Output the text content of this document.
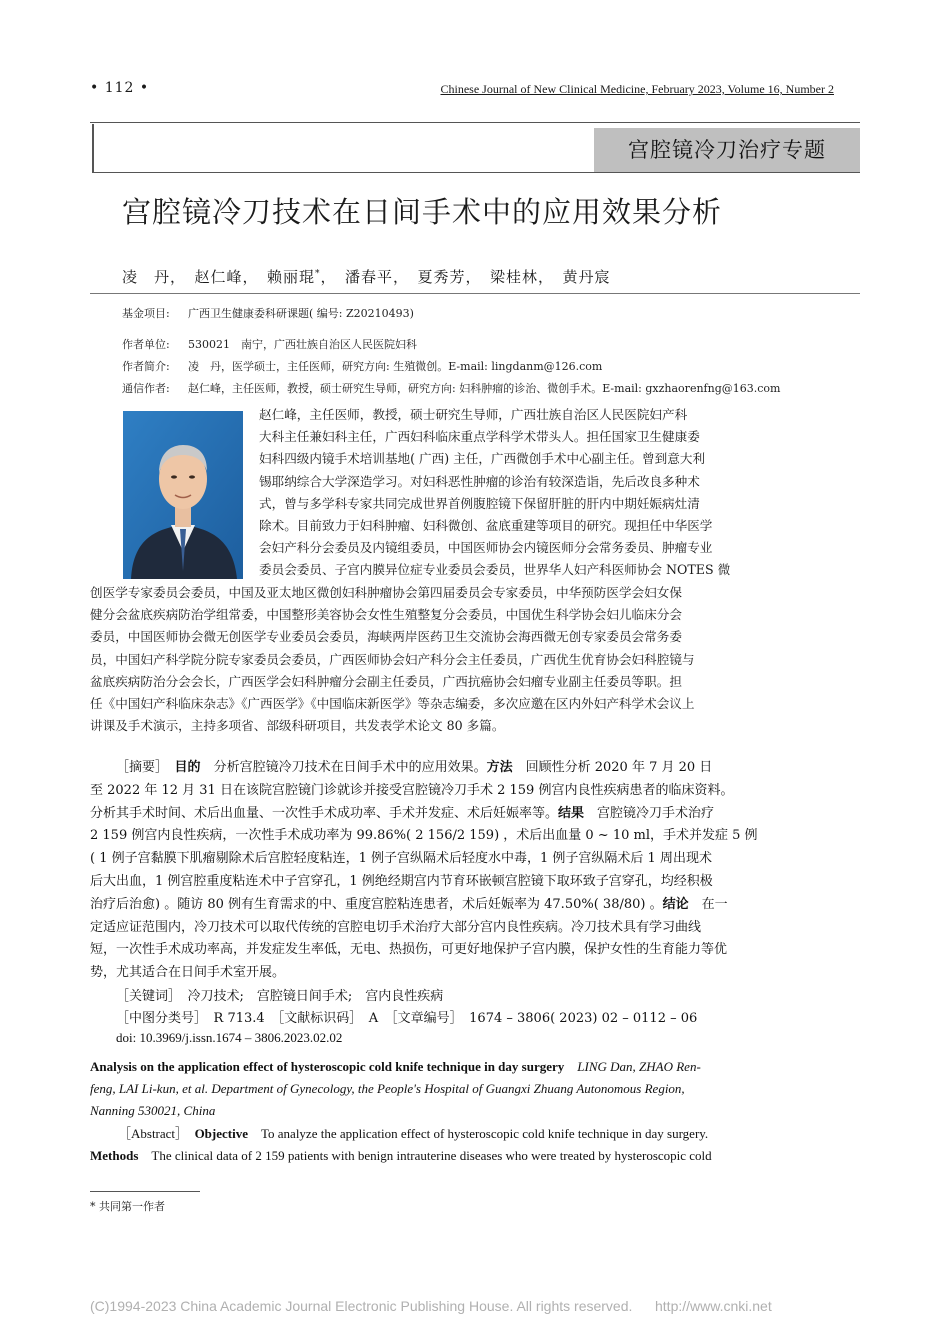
• 112 •	Chinese Journal of New Clinical Medicine, February 2023, Volume 16, Number 2
宫腔镜冷刀治疗专题
宫腔镜冷刀技术在日间手术中的应用效果分析
凌　丹，　赵仁峰，　赖丽琨*，　潘春平，　夏秀芳，　梁桂林，　黄丹宸
基金项目: 广西卫生健康委科研课题( 编号: Z20210493)
作者单位: 530021　南宁，广西壮族自治区人民医院妇科
作者简介: 凌　丹，医学硕士，主任医师，研究方向: 生殖微创。E-mail: lingdanm@126.com
通信作者: 赵仁峰，主任医师，教授，硕士研究生导师，研究方向: 妇科肿瘤的诊治、微创手术。E-mail: gxzhaorenfng@163.com
赵仁峰，主任医师，教授，硕士研究生导师，广西壮族自治区人民医院妇产科
大科主任兼妇科主任，广西妇科临床重点学科学术带头人。担任国家卫生健康委
妇科四级内镜手术培训基地( 广西) 主任，广西微创手术中心副主任。曾到意大利
锡耶纳综合大学深造学习。对妇科恶性肿瘤的诊治有较深造诣，先后改良多种术
式，曾与多学科专家共同完成世界首例腹腔镜下保留肝脏的肝内中期妊娠病灶清
除术。目前致力于妇科肿瘤、妇科微创、盆底重建等项目的研究。现担任中华医学
会妇产科分会委员及内镜组委员，中国医师协会内镜医师分会常务委员、肿瘤专业
委员会委员、子宫内膜异位症专业委员会委员，世界华人妇产科医师协会 NOTES 微
创医学专家委员会委员，中国及亚太地区微创妇科肿瘤协会第四届委员会专家委员，中华预防医学会妇女保
健分会盆底疾病防治学组常委，中国整形美容协会女性生殖整复分会委员，中国优生科学协会妇儿临床分会
委员，中国医师协会微无创医学专业委员会委员，海峡两岸医药卫生交流协会海西微无创专家委员会常务委
员，中国妇产科学院分院专家委员会委员，广西医师协会妇产科分会主任委员，广西优生优育协会妇科腔镜与
盆底疾病防治分会会长，广西医学会妇科肿瘤分会副主任委员，广西抗癌协会妇瘤专业副主任委员等职。担
任《中国妇产科临床杂志》《广西医学》《中国临床新医学》等杂志编委，多次应邀在区内外妇产科学术会议上
讲课及手术演示，主持多项省、部级科研项目，共发表学术论文 80 多篇。
［摘要］　 目的　 分析宫腔镜冷刀技术在日间手术中的应用效果。方法　 回顾性分析 2020 年 7 月 20 日
至 2022 年 12 月 31 日在该院宫腔镜门诊就诊并接受宫腔镜冷刀手术 2 159 例宫内良性疾病患者的临床资料。
分析其手术时间、术后出血量、一次性手术成功率、手术并发症、术后妊娠率等。结果　 宫腔镜冷刀手术治疗
2 159 例宫内良性疾病，一次性手术成功率为 99.86%( 2 156/2 159) ，术后出血量 0 ~ 10 ml，手术并发症 5 例
( 1 例子宫黏膜下肌瘤剔除术后宫腔轻度粘连，1 例子宫纵隔术后轻度水中毒，1 例子宫纵隔术后 1 周出现术
后大出血，1 例宫腔重度粘连术中子宫穿孔，1 例绝经期宫内节育环嵌顿宫腔镜下取环致子宫穿孔，均经积极
治疗后治愈) 。随访 80 例有生育需求的中、重度宫腔粘连患者，术后妊娠率为 47.50%( 38/80) 。结论　 在一
定适应证范围内，冷刀技术可以取代传统的宫腔电切手术治疗大部分宫内良性疾病。冷刀技术具有学习曲线
短，一次性手术成功率高，并发症发生率低，无电、热损伤，可更好地保护子宫内膜，保护女性的生育能力等优
势，尤其适合在日间手术室开展。
［关键词］　 冷刀技术;　宫腔镜日间手术;　宫内良性疾病
［中图分类号］　 R 713.4　 ［文献标识码］　 A　 ［文章编号］　 1674 – 3806( 2023) 02 – 0112 – 06
doi: 10.3969/j.issn.1674 – 3806.2023.02.02
Analysis on the application effect of hysteroscopic cold knife technique in day surgery　 LING Dan, ZHAO Ren-
feng, LAI Li-kun, et al. Department of Gynecology, the People's Hospital of Guangxi Zhuang Autonomous Region,
Nanning 530021, China
［Abstract］　 Objective　 To analyze the application effect of hysteroscopic cold knife technique in day surgery.
Methods　 The clinical data of 2 159 patients with benign intrauterine diseases who were treated by hysteroscopic cold
* 共同第一作者
(C)1994-2023 China Academic Journal Electronic Publishing House. All rights reserved. http://www.cnki.net
